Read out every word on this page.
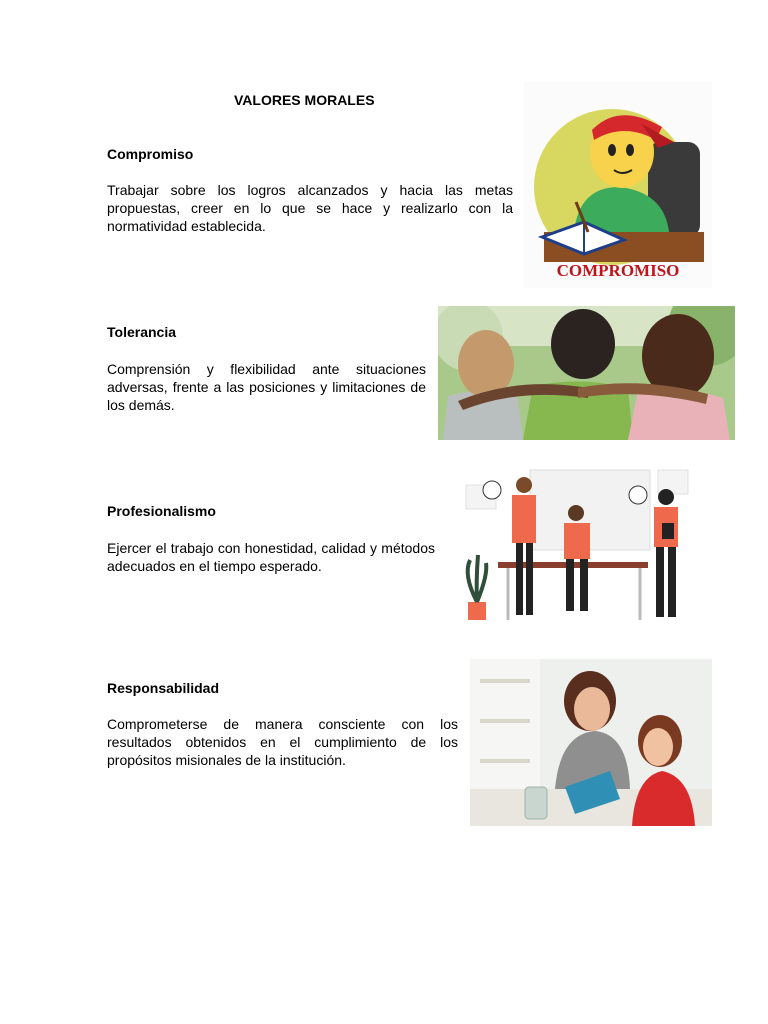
VALORES MORALES
Compromiso

Trabajar sobre los logros alcanzados y hacia las metas propuestas, creer en lo que se hace y realizarlo con la normatividad establecida.

COMPROMISO
Tolerancia

Comprensión y flexibilidad ante situaciones adversas, frente a las posiciones y limitaciones de los demás.

Profesionalismo

Ejercer el trabajo con honestidad, calidad y métodos adecuados en el tiempo esperado.

Responsabilidad

Comprometerse de manera consciente con los resultados obtenidos en el cumplimiento de los propósitos misionales de la institución.
